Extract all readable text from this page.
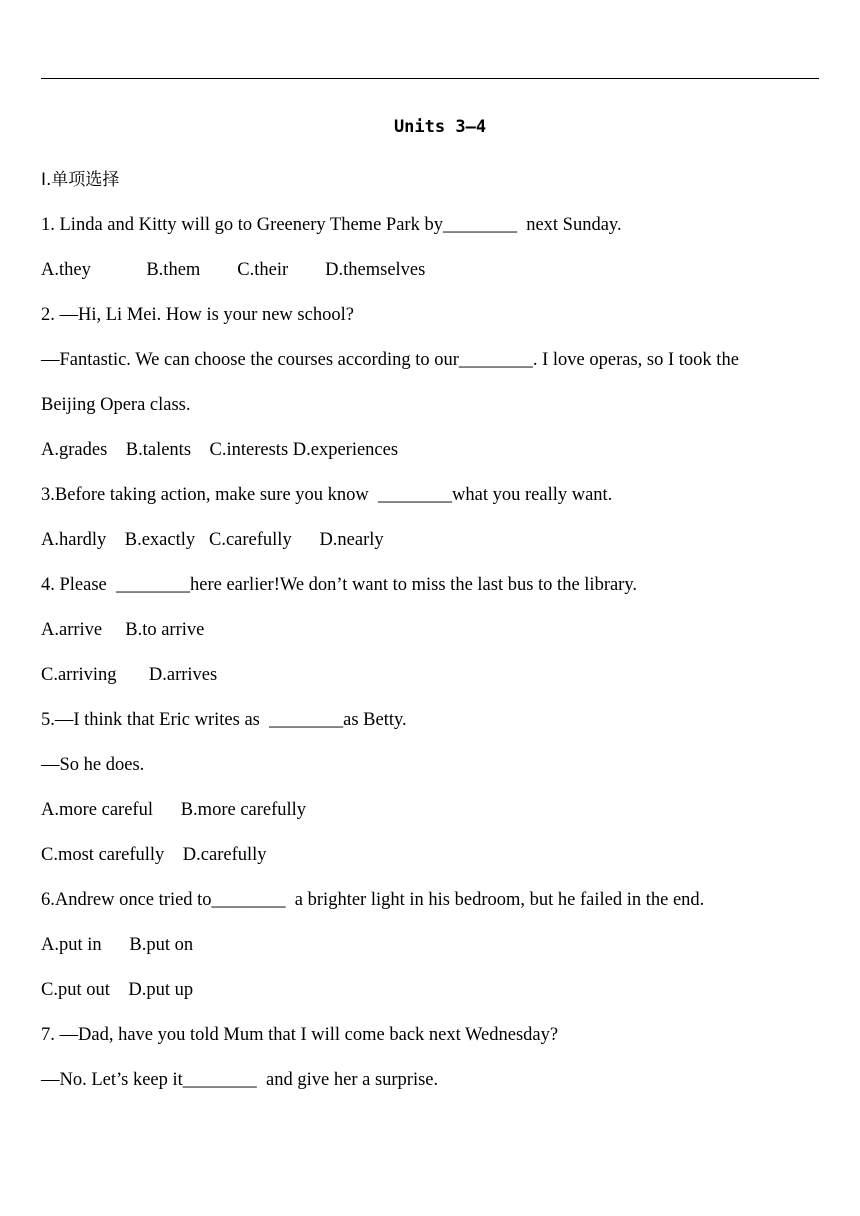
Units 3—4
Ⅰ.单项选择
1. Linda and Kitty will go to Greenery Theme Park by________  next Sunday.
A.they            B.them        C.their        D.themselves
2. —Hi, Li Mei. How is your new school?
—Fantastic. We can choose the courses according to our________. I love operas, so I took the
Beijing Opera class.
A.grades    B.talents    C.interests D.experiences
3.Before taking action, make sure you know  ________what you really want.
A.hardly    B.exactly   C.carefully      D.nearly
4. Please  ________here earlier!We don’t want to miss the last bus to the library.
A.arrive     B.to arrive
C.arriving       D.arrives
5.—I think that Eric writes as  ________as Betty.
—So he does.
A.more careful      B.more carefully
C.most carefully    D.carefully
6.Andrew once tried to________  a brighter light in his bedroom, but he failed in the end.
A.put in      B.put on
C.put out    D.put up
7. —Dad, have you told Mum that I will come back next Wednesday?
—No. Let’s keep it________  and give her a surprise.
